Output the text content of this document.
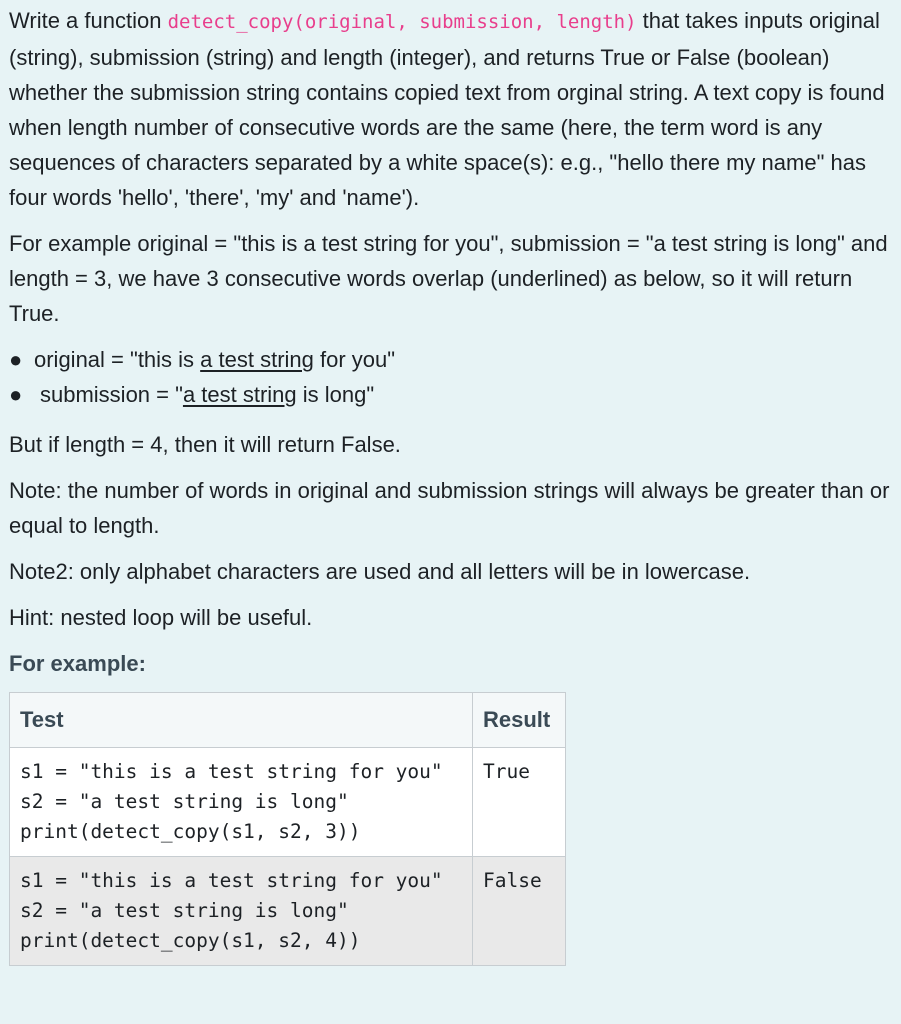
Write a function detect_copy(original, submission, length) that takes inputs original (string), submission (string) and length (integer), and returns True or False (boolean) whether the submission string contains copied text from orginal string. A text copy is found when length number of consecutive words are the same (here, the term word is any sequences of characters separated by a white space(s): e.g., "hello there my name" has four words 'hello', 'there', 'my' and 'name').

For example original = "this is a test string for you", submission = "a test string is long" and length = 3, we have 3 consecutive words overlap (underlined) as below, so it will return True.

● original = "this is a test string for you"
● submission = "a test string is long"

But if length = 4, then it will return False.

Note: the number of words in original and submission strings will always be greater than or equal to length.

Note2: only alphabet characters are used and all letters will be in lowercase.

Hint: nested loop will be useful.

For example:

Test	Result
s1 = "this is a test string for you"
s2 = "a test string is long"
print(detect_copy(s1, s2, 3))	True
s1 = "this is a test string for you"
s2 = "a test string is long"
print(detect_copy(s1, s2, 4))	False
